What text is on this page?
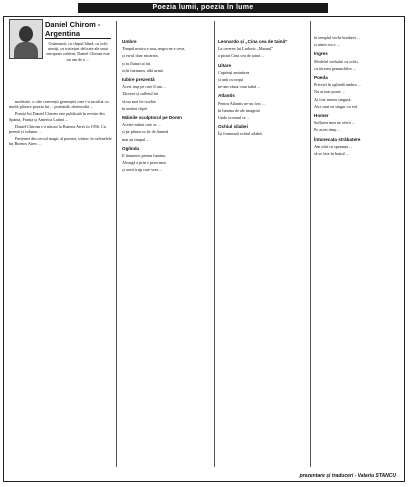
Poezia lumii, poezia în lume
Daniel Chirom - Argentina
Grăsmanii, cu chipul blind, cu ochi uimiți, cu tristețuri delicate ale unui european cultivat, Daniel Chirom este un om de o ...

modestie, o câte convenții generației care i-a ascultat cu multă plăcere poezia lui ... profundă, dezinvoltă ...

Poezia lui Daniel Chirom este publicată în reviste din Spania, Franța și America Latină ...

Daniel Chirom s-a născut la Buenos Aires în 1956. Cu premii și volume ...

Parteneri din cercul magic al poeziei, trăiesc în cafenelele lui Buenos Aires ...

Umbre

Timpul nostru e nou, negru ne e ceva,

și eu-ul doar moartea,

și tu fluturi ai lui

ochi fuziunea, albi urmă

Iubire prezentă

Acest trup pe care îl am ...

Tăcerea și sufletul lui

să nu mai fie cuvânt

în umbra clipei

Mâinile sculptorul pe Domn

Aceste mâini care se ...

și pe pânza cu fir de lumină

mai au timpul ...

Oglinda

E întuneric pentru lumina,

Aleargă a prin e prim mea

și acest trup care vrea ...

Leonardo și „Cina cea de taină”

La cererea lui Ludovic „Maurul”

a pictat Cina cea de taină ...

Uitare

Cuprinși amintirea

și unii cu nopți

ne-am văzut cum iarbă ...

Atlantis

Pentru Atlantis ne-au fost ...

în lumina de ale imaginii

Unde oceanul se ...

Ochiul silabei

Își formează ochiul silabei

în templul vechi bradarei ...

și nimic nu e ...

Ingres

Modelul verbului cu ochii,

cu tăcerea genunchilor ...

Poeda

Privești în oglindă umbra ...

Nu ai mai poate ...

Ai fost mereu singură,

Aici sunt eu singur cu eul.

Homer

Suflarea mea ne oferă ...

Pe acest timp ...

Întunecata străbatere

Am trăit cu speranța ...

să se lase în brațul ...

prezentare și traduceri - Valeriu STANCU
